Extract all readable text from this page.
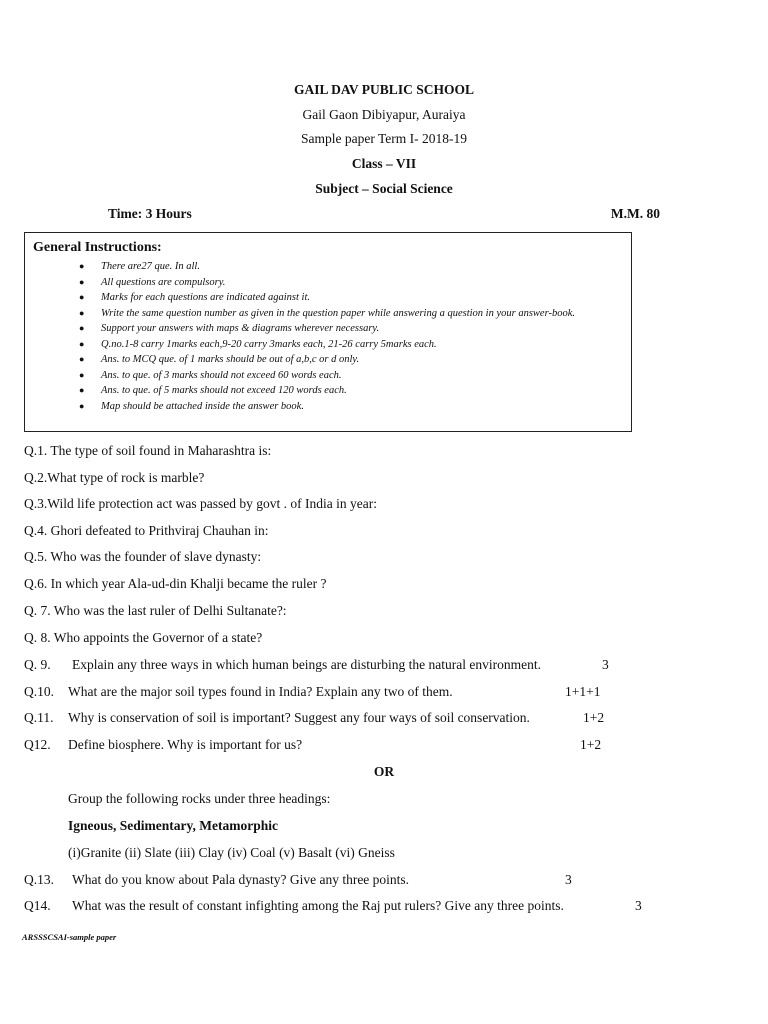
GAIL DAV PUBLIC SCHOOL
Gail Gaon Dibiyapur, Auraiya
Sample paper Term I- 2018-19
Class – VII
Subject – Social Science
Time: 3 Hours	M.M. 80
General Instructions:
● There are27 que. In all.
● All questions are compulsory.
● Marks for each questions are indicated against it.
● Write the same question number as given in the question paper while answering a question in your answer-book.
● Support your answers with maps & diagrams wherever necessary.
● Q.no.1-8 carry 1marks each,9-20 carry 3marks each, 21-26 carry 5marks each.
● Ans. to MCQ que. of 1 marks should be out of a,b,c or d only.
● Ans. to que. of 3 marks should not exceed 60 words each.
● Ans. to que. of 5 marks should not exceed 120 words each.
● Map should be attached inside the answer book.
Q.1. The type of soil found in Maharashtra is:
Q.2.What type of rock is marble?
Q.3.Wild life protection act was passed by govt . of India in year:
Q.4. Ghori defeated to Prithviraj Chauhan in:
Q.5. Who was the founder of slave dynasty:
Q.6. In which year Ala-ud-din Khalji became the ruler ?
Q. 7. Who was the last ruler of Delhi Sultanate?:
Q. 8. Who appoints the Governor of a state?
Q. 9. Explain any three ways in which human beings are disturbing the natural environment.	3
Q.10. What are the major soil types found in India? Explain any two of them.	1+1+1
Q.11. Why is conservation of soil is important? Suggest any four ways of soil conservation.	1+2
Q12. Define biosphere. Why is important for us?	1+2
OR
Group the following rocks under three headings:
Igneous, Sedimentary, Metamorphic
(i)Granite (ii) Slate (iii) Clay (iv) Coal (v) Basalt (vi) Gneiss
Q.13. What do you know about Pala dynasty? Give any three points.	3
Q14. What was the result of constant infighting among the Raj put rulers? Give any three points.	3
ARSSSCSAI-sample paper
